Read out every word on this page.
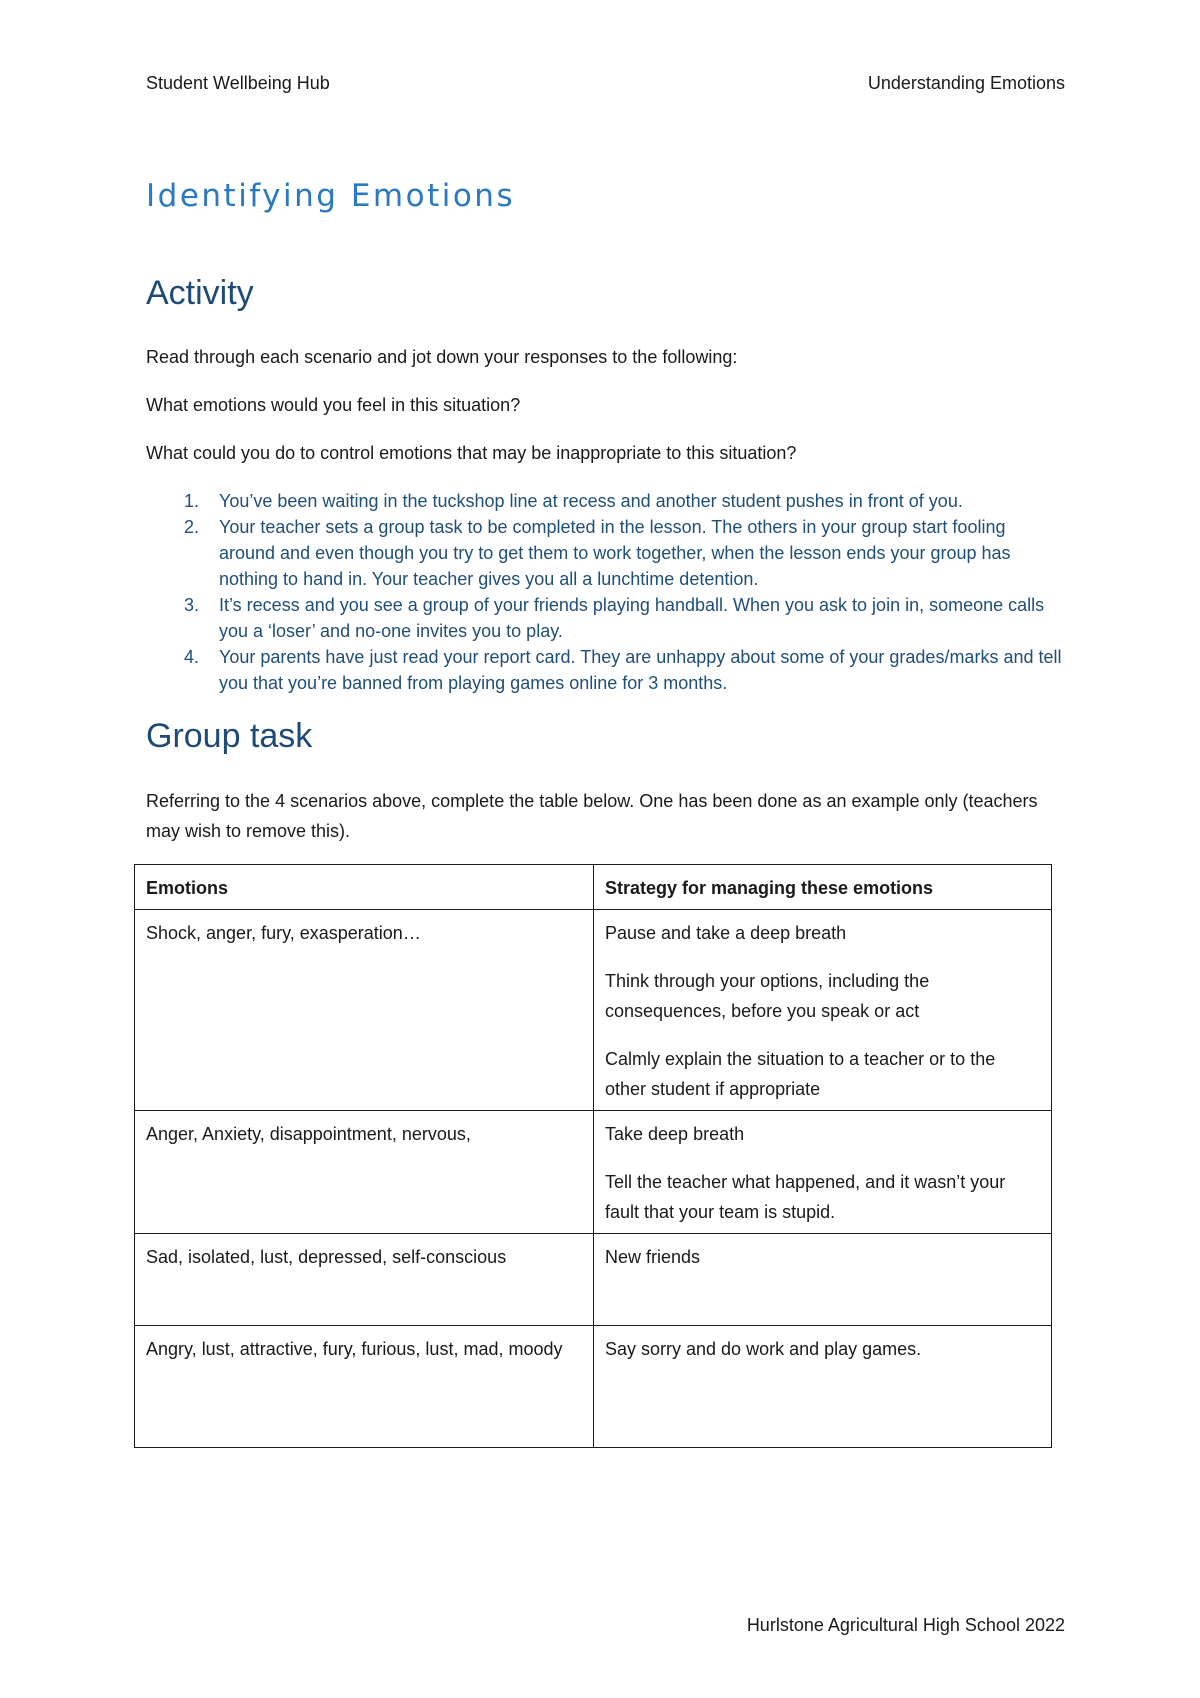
Student Wellbeing Hub	Understanding Emotions
Identifying Emotions
Activity

Read through each scenario and jot down your responses to the following:

What emotions would you feel in this situation?

What could you do to control emotions that may be inappropriate to this situation?

1. You’ve been waiting in the tuckshop line at recess and another student pushes in front of you.
2. Your teacher sets a group task to be completed in the lesson. The others in your group start fooling around and even though you try to get them to work together, when the lesson ends your group has nothing to hand in. Your teacher gives you all a lunchtime detention.
3. It’s recess and you see a group of your friends playing handball. When you ask to join in, someone calls you a ‘loser’ and no-one invites you to play.
4. Your parents have just read your report card. They are unhappy about some of your grades/marks and tell you that you’re banned from playing games online for 3 months.
Group task

Referring to the 4 scenarios above, complete the table below. One has been done as an example only (teachers may wish to remove this).

Emotions	Strategy for managing these emotions
Shock, anger, fury, exasperation…	Pause and take a deep breath

Think through your options, including the consequences, before you speak or act

Calmly explain the situation to a teacher or to the other student if appropriate

Anger, Anxiety, disappointment, nervous,	Take deep breath

Tell the teacher what happened, and it wasn’t your fault that your team is stupid.

Sad, isolated, lust, depressed, self-conscious	New friends

Angry, lust, attractive, fury, furious, lust, mad, moody	Say sorry and do work and play games.

Hurlstone Agricultural High School 2022
